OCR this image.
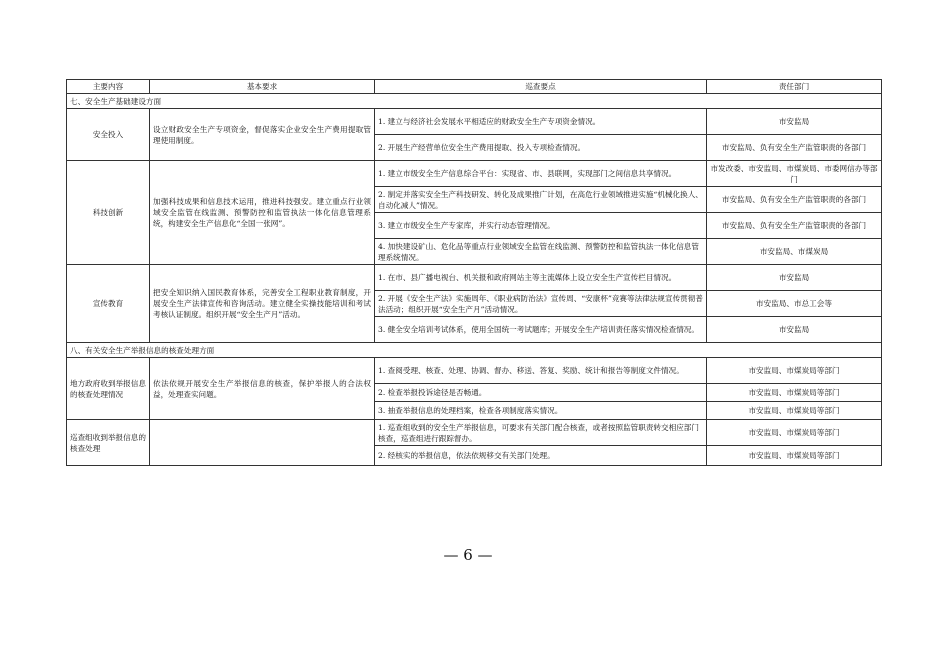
主要内容	基本要求	巡查要点	责任部门
七、安全生产基础建设方面			
安全投入	设立财政安全生产专项资金，督促落实企业安全生产费用提取管理使用制度。	1. 建立与经济社会发展水平相适应的财政安全生产专项资金情况。	市安监局
		2. 开展生产经营单位安全生产费用提取、投入专项检查情况。	市安监局、负有安全生产监管职责的各部门
科技创新	加强科技成果和信息技术运用，推进科技强安。建立重点行业领域安全监管在线监测、预警防控和监管执法一体化信息管理系统，构建安全生产信息化“全国一张网”。	1. 建立市级安全生产信息综合平台：实现省、市、县联网，实现部门之间信息共享情况。	市发改委、市安监局、市煤炭局、市委网信办等部门
		2. 制定并落实安全生产科技研发、转化及成果推广计划，在高危行业领域推进实施“机械化换人、自动化减人”情况。	市安监局、负有安全生产监管职责的各部门
		3. 建立市级安全生产专家库，并实行动态管理情况。	市安监局、负有安全生产监管职责的各部门
		4. 加快建设矿山、危化品等重点行业领域安全监管在线监测、预警防控和监管执法一体化信息管理系统情况。	市安监局、市煤炭局
宣传教育	把安全知识纳入国民教育体系，完善安全工程职业教育制度，开展安全生产法律宣传和咨询活动。建立健全实操技能培训和考试考核认证制度。组织开展“安全生产月”活动。	1. 在市、县广播电视台、机关报和政府网站主等主流媒体上设立安全生产宣传栏目情况。	市安监局
		2. 开展《安全生产法》实施周年、《职业病防治法》宣传周、“安康杯”竞赛等法律法规宣传贯彻普法活动；组织开展“安全生产月”活动情况。	市安监局、市总工会等
		3. 健全安全培训考试体系，使用全国统一考试题库；开展安全生产培训责任落实情况检查情况。	市安监局
八、有关安全生产举报信息的核查处理方面			
地方政府收到举报信息的核查处理情况	依法依规开展安全生产举报信息的核查，保护举报人的合法权益，处理查实问题。	1. 查阅受理、核查、处理、协调、督办、移送、答复、奖励、统计和报告等制度文件情况。	市安监局、市煤炭局等部门
		2. 检查举报投诉途径是否畅通。	市安监局、市煤炭局等部门
		3. 抽查举报信息的处理档案，检查各项制度落实情况。	市安监局、市煤炭局等部门
巡查组收到举报信息的核查处理		1. 巡查组收到的安全生产举报信息，可要求有关部门配合核查，或者按照监管职责转交相应部门核查，巡查组进行跟踪督办。	市安监局、市煤炭局等部门
		2. 经核实的举报信息，依法依规移交有关部门处理。	市安监局、市煤炭局等部门
— 6 —
